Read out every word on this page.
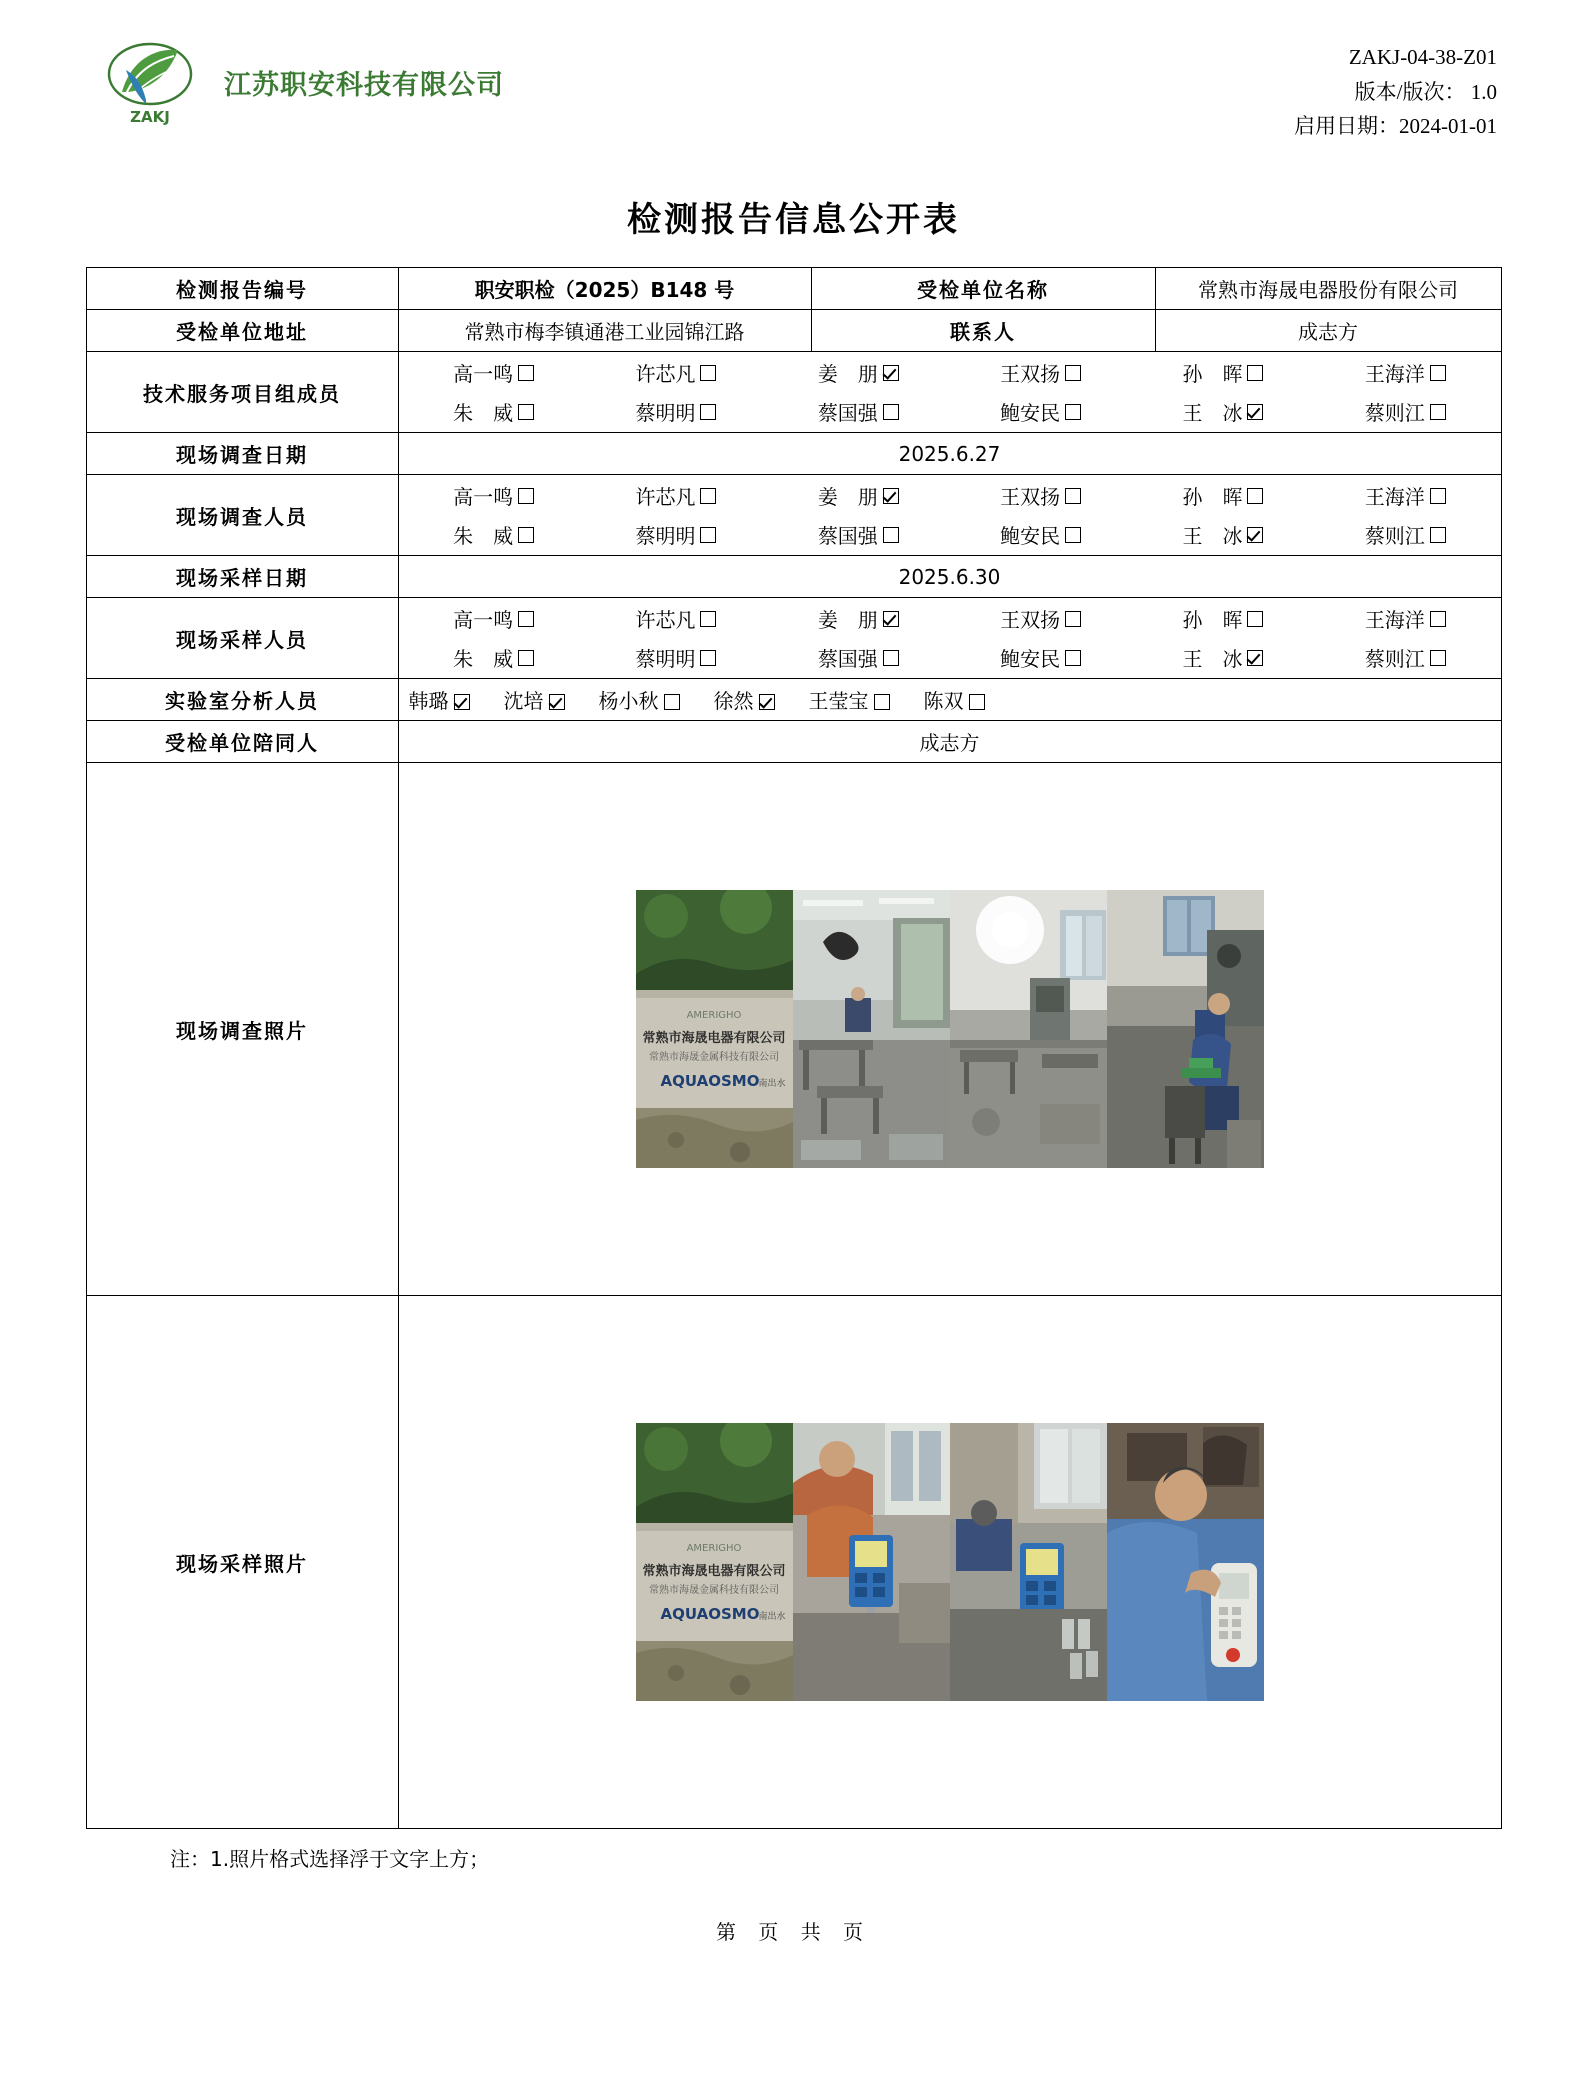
ZAKJ
江苏职安科技有限公司
ZAKJ-04-38-Z01
版本/版次： 1.0
启用日期：2024-01-01
检测报告信息公开表
检测报告编号	职安职检（2025）B148 号	受检单位名称	常熟市海晟电器股份有限公司
受检单位地址	常熟市梅李镇通港工业园锦江路	联系人	成志方
技术服务项目组成员	
高一鸣	许芯凡	姜　朋	王双扬	孙　晖	王海洋
朱　威	蔡明明	蔡国强	鲍安民	王　冰	蔡则江

现场调查日期	2025.6.27		
现场调查人员	
高一鸣	许芯凡	姜　朋	王双扬	孙　晖	王海洋
朱　威	蔡明明	蔡国强	鲍安民	王　冰	蔡则江

现场采样日期	2025.6.30		
现场采样人员	
高一鸣	许芯凡	姜　朋	王双扬	孙　晖	王海洋
朱　威	蔡明明	蔡国强	鲍安民	王　冰	蔡则江

实验室分析人员	韩璐	沈培	杨小秋	徐然	王莹宝	陈双

受检单位陪同人	成志方		
现场调查照片	AMERIGHO
常熟市海晟电器有限公司
常熟市海晟金属科技有限公司
AQUAOSMO 南出水		

现场采样照片	AMERIGHO
常熟市海晟电器有限公司
常熟市海晟金属科技有限公司
AQUAOSMO 南出水		
注：1.照片格式选择浮于文字上方；
第 页 共 页
